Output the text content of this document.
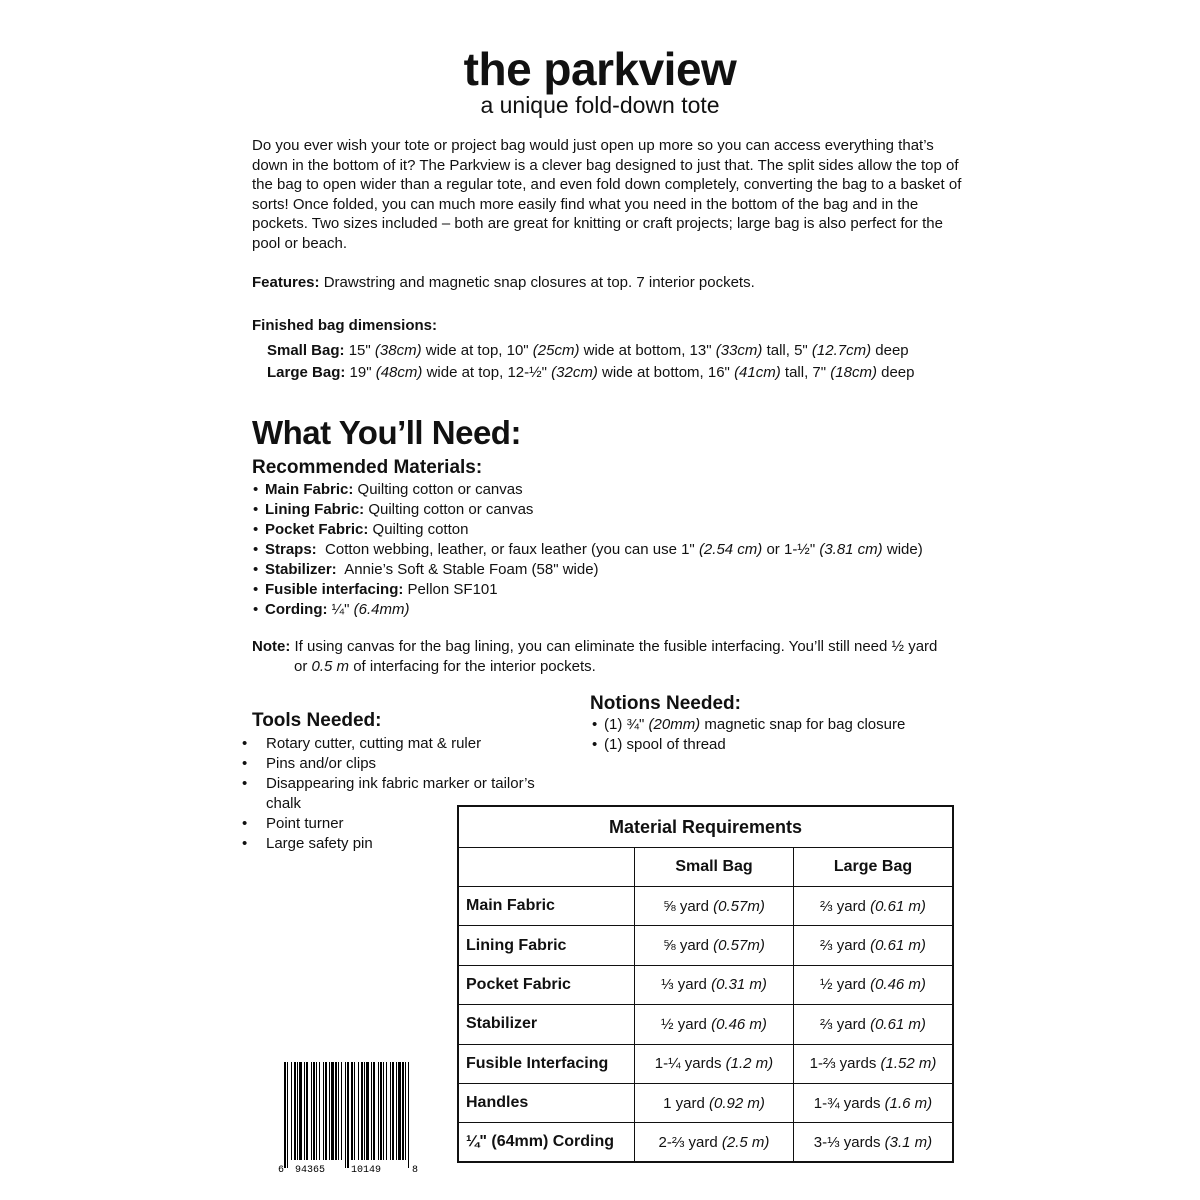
the parkview
a unique fold-down tote

Do you ever wish your tote or project bag would just open up more so you can access everything that’s down in the bottom of it? The Parkview is a clever bag designed to just that. The split sides allow the top of the bag to open wider than a regular tote, and even fold down completely, converting the bag to a basket of sorts! Once folded, you can much more easily find what you need in the bottom of the bag and in the pockets. Two sizes included – both are great for knitting or craft projects; large bag is also perfect for the pool or beach.

Features: Drawstring and magnetic snap closures at top. 7 interior pockets.
Finished bag dimensions:
Small Bag: 15" (38cm) wide at top, 10" (25cm) wide at bottom, 13" (33cm) tall, 5" (12.7cm) deep
Large Bag: 19" (48cm) wide at top, 12-½" (32cm) wide at bottom, 16" (41cm) tall, 7" (18cm) deep
What You’ll Need:
Recommended Materials:
• Main Fabric: Quilting cotton or canvas
• Lining Fabric: Quilting cotton or canvas
• Pocket Fabric: Quilting cotton
• Straps: Cotton webbing, leather, or faux leather (you can use 1" (2.54 cm) or 1-½" (3.81 cm) wide)
• Stabilizer: Annie’s Soft & Stable Foam (58" wide)
• Fusible interfacing: Pellon SF101
• Cording: ¼" (6.4mm)
Note: If using canvas for the bag lining, you can eliminate the fusible interfacing. You’ll still need ½ yard
or 0.5 m of interfacing for the interior pockets.
Tools Needed:
• Rotary cutter, cutting mat & ruler
• Pins and/or clips
• Disappearing ink fabric marker or tailor’s chalk
• Point turner
• Large safety pin
Notions Needed:
• (1) ¾" (20mm) magnetic snap for bag closure
• (1) spool of thread
Material Requirements		
	Small Bag	Large Bag
Main Fabric	⅝ yard (0.57m)	⅔ yard (0.61 m)
Lining Fabric	⅝ yard (0.57m)	⅔ yard (0.61 m)
Pocket Fabric	⅓ yard (0.31 m)	½ yard (0.46 m)
Stabilizer	½ yard (0.46 m)	⅔ yard (0.61 m)
Fusible Interfacing	1-¼ yards (1.2 m)	1-⅔ yards (1.52 m)
Handles	1 yard (0.92 m)	1-¾ yards (1.6 m)
¼" (64mm) Cording	2-⅔ yard (2.5 m)	3-⅓ yards (3.1 m)
6 94365	10149	8
